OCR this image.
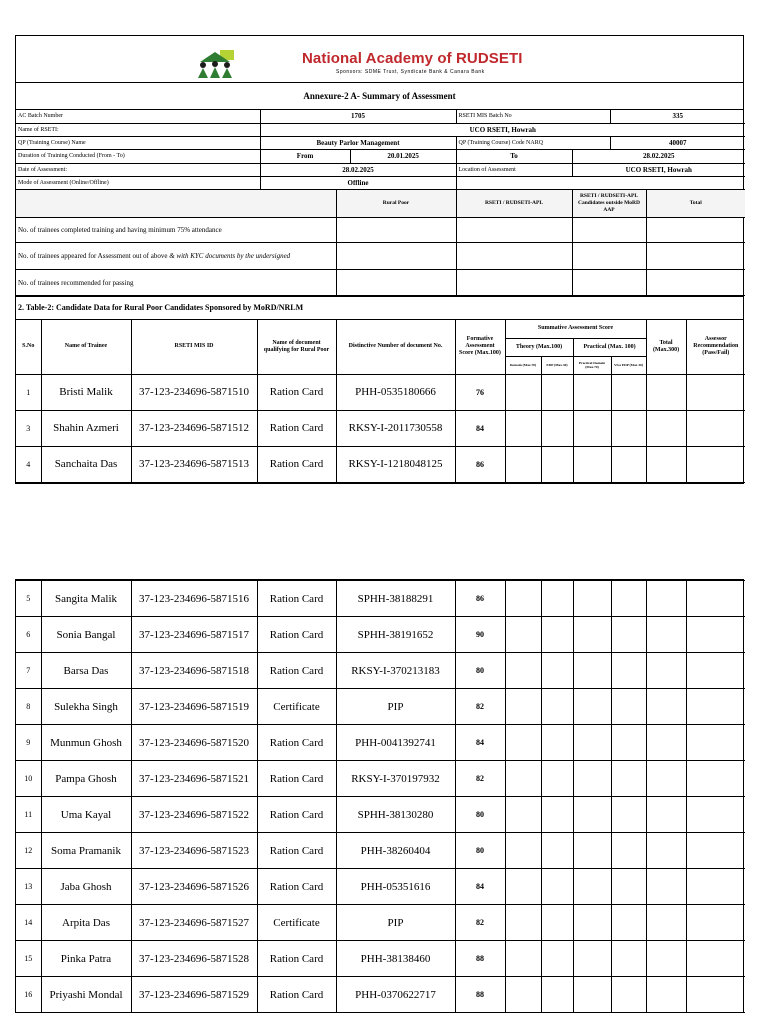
National Academy of RUDSETI
Sponsors: SDME Trust, Syndicate Bank & Canara Bank
Annexure-2 A- Summary of Assessment
AC Batch Number	1705	RSETI MIS Batch No	335
Name of RSETI:	UCO RSETI, Howrah
QP (Training Course) Name	Beauty Parlor Management	QP (Training Course) Code NARQ	40007
Duration of Training Conducted (From - To)		From	20.01.2025
		To	28.02.2025
Date of Assessment:	28.02.2025	Location of Assessment	UCO RSETI, Howrah
Mode of Assessment (Online/Offline)	Offline	
	Rural Poor	RSETI / RUDSETI-APL	RSETI / RUDSETI-APL Candidates outside MoRD AAP	Total
No. of trainees completed training and having minimum 75% attendance				
No. of trainees appeared for Assessment out of above & with KYC documents by the undersigned				
No. of trainees recommended for passing				
2. Table-2: Candidate Data for Rural Poor Candidates Sponsored by MoRD/NRLM
S.No	Name of Trainee	RSETI MIS ID	Name of document qualifying for Rural Poor	Distinctive Number of document No.	Formative Assessment Score (Max.100)	Summative Assessment Score				Total (Max.300)	Assessor Recommendation (Pass/Fail)
						Theory (Max.100)		Practical (Max. 100)			
						Domain (Max.70)	EDP (Max.30)	Practical Domain (Max.70)	Viva EDP (Max 30)		
1	Bristi Malik	37-123-234696-5871510	Ration Card	PHH-0535180666	76						
3	Shahin Azmeri	37-123-234696-5871512	Ration Card	RKSY-I-2011730558	84						
4	Sanchaita Das	37-123-234696-5871513	Ration Card	RKSY-I-1218048125	86						
5	Sangita Malik	37-123-234696-5871516	Ration Card	SPHH-38188291	86						
6	Sonia Bangal	37-123-234696-5871517	Ration Card	SPHH-38191652	90						
7	Barsa Das	37-123-234696-5871518	Ration Card	RKSY-I-370213183	80						
8	Sulekha Singh	37-123-234696-5871519	Certificate	PIP	82						
9	Munmun Ghosh	37-123-234696-5871520	Ration Card	PHH-0041392741	84						
10	Pampa Ghosh	37-123-234696-5871521	Ration Card	RKSY-I-370197932	82						
11	Uma Kayal	37-123-234696-5871522	Ration Card	SPHH-38130280	80						
12	Soma Pramanik	37-123-234696-5871523	Ration Card	PHH-38260404	80						
13	Jaba Ghosh	37-123-234696-5871526	Ration Card	PHH-05351616	84						
14	Arpita Das	37-123-234696-5871527	Certificate	PIP	82						
15	Pinka Patra	37-123-234696-5871528	Ration Card	PHH-38138460	88						
16	Priyashi Mondal	37-123-234696-5871529	Ration Card	PHH-0370622717	88						
